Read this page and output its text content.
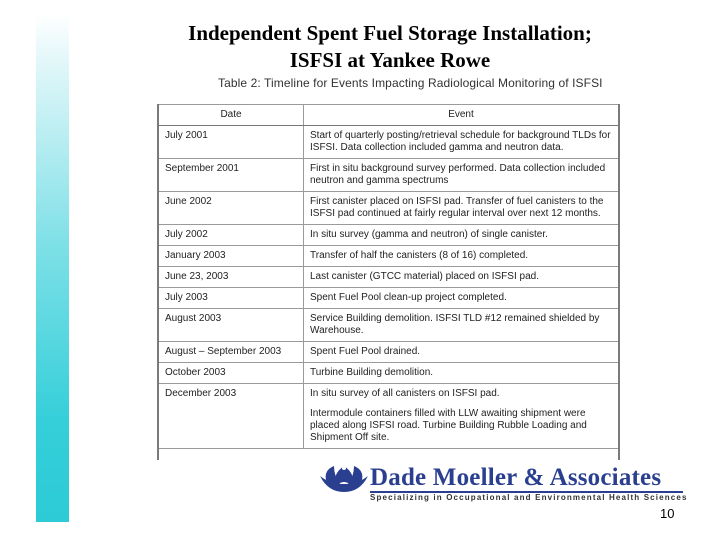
Independent Spent Fuel Storage Installation;
ISFSI at Yankee Rowe
Table 2: Timeline for Events Impacting Radiological Monitoring of ISFSI
Date	Event
July 2001	Start of quarterly posting/retrieval schedule for background TLDs for ISFSI. Data collection included gamma and neutron data.
September 2001	First in situ background survey performed. Data collection included neutron and gamma spectrums
June 2002	First canister placed on ISFSI pad. Transfer of fuel canisters to the ISFSI pad continued at fairly regular interval over next 12 months.
July 2002	In situ survey (gamma and neutron) of single canister.
January 2003	Transfer of half the canisters (8 of 16) completed.
June 23, 2003	Last canister (GTCC material) placed on ISFSI pad.
July 2003	Spent Fuel Pool clean-up project completed.
August 2003	Service Building demolition. ISFSI TLD #12 remained shielded by Warehouse.
August – September 2003	Spent Fuel Pool drained.
October 2003	Turbine Building demolition.
December 2003	In situ survey of all canisters on ISFSI pad.
Intermodule containers filled with LLW awaiting shipment were placed along ISFSI road. Turbine Building Rubble Loading and Shipment Off site.
Dade Moeller & Associates
Specializing in Occupational and Environmental Health Sciences
10
